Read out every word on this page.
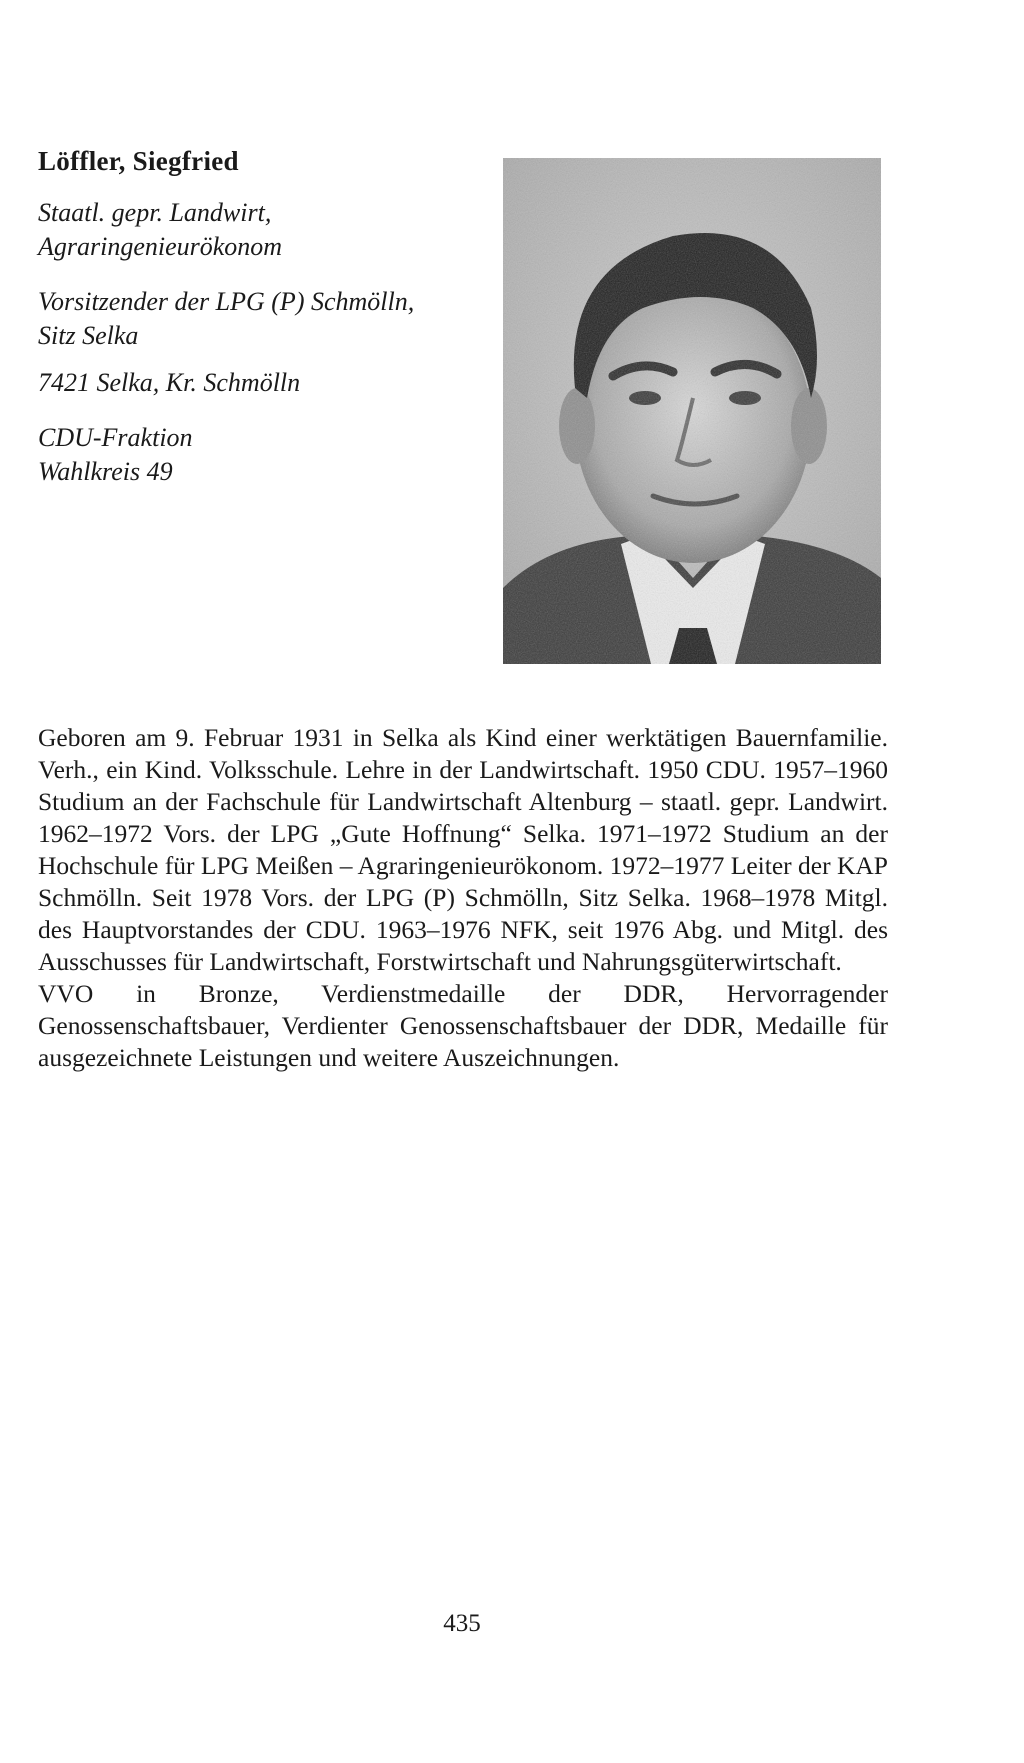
Löffler, Siegfried
Staatl. gepr. Landwirt,
Agraringenieurökonom
Vorsitzender der LPG (P) Schmölln,
Sitz Selka
7421 Selka, Kr. Schmölln
CDU-Fraktion
Wahlkreis 49

Geboren am 9. Februar 1931 in Selka als Kind einer werktätigen Bauernfamilie. Verh., ein Kind. Volksschule. Lehre in der Landwirtschaft. 1950 CDU. 1957–1960 Studium an der Fachschule für Landwirtschaft Altenburg – staatl. gepr. Landwirt. 1962–1972 Vors. der LPG „Gute Hoffnung“ Selka. 1971–1972 Studium an der Hochschule für LPG Meißen – Agraringenieurökonom. 1972–1977 Leiter der KAP Schmölln. Seit 1978 Vors. der LPG (P) Schmölln, Sitz Selka. 1968–1978 Mitgl. des Hauptvorstandes der CDU. 1963–1976 NFK, seit 1976 Abg. und Mitgl. des Ausschusses für Landwirtschaft, Forstwirtschaft und Nahrungsgüterwirtschaft.

VVO in Bronze, Verdienstmedaille der DDR, Hervorragender Genossenschaftsbauer, Verdienter Genossenschaftsbauer der DDR, Medaille für ausgezeichnete Leistungen und weitere Auszeichnungen.

435
